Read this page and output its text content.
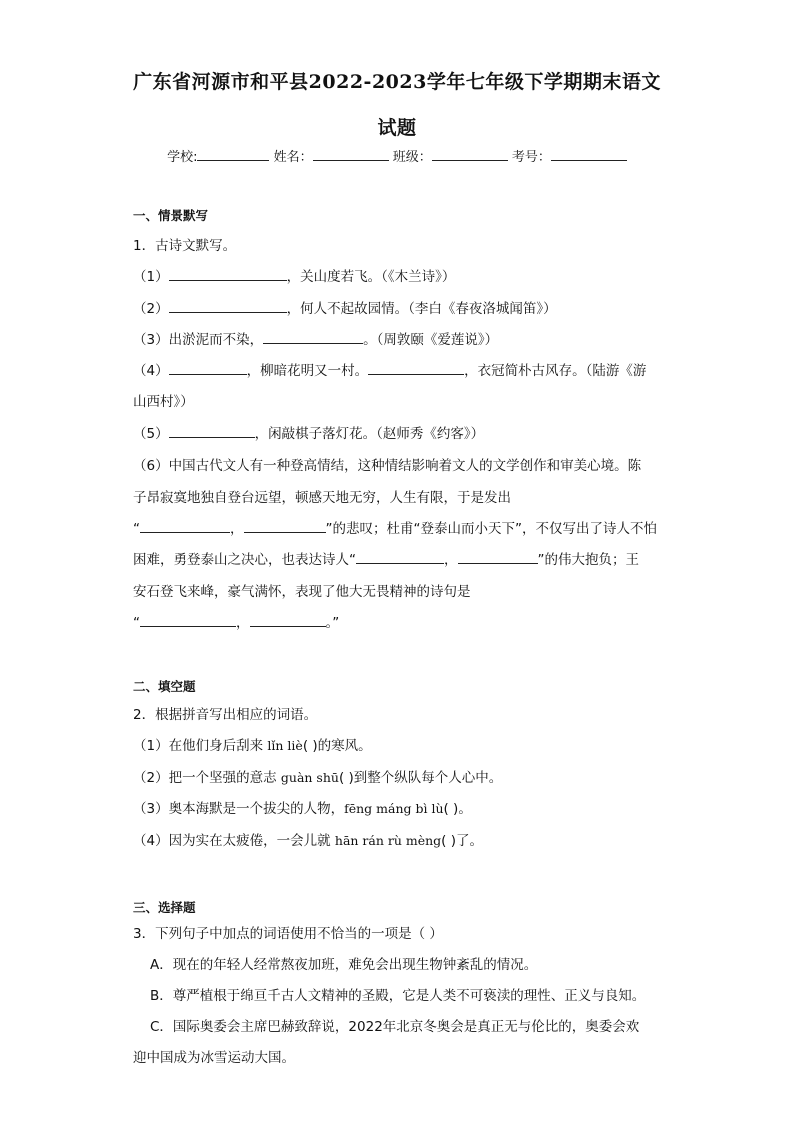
广东省河源市和平县2022-2023学年七年级下学期期末语文
试题
学校:	姓名：	班级：	考号：
一、情景默写
1．古诗文默写。
（1）	，关山度若飞。（《木兰诗》）
（2）	，何人不起故园情。（李白《春夜洛城闻笛》）
（3）出淤泥而不染，	。（周敦颐《爱莲说》）
（4）	，柳暗花明又一村。	，衣冠简朴古风存。（陆游《游
山西村》）
（5）	，闲敲棋子落灯花。（赵师秀《约客》）
（6）中国古代文人有一种登高情结，这种情结影响着文人的文学创作和审美心境。陈
子昂寂寞地独自登台远望，顿感天地无穷，人生有限，于是发出
“	，	”的悲叹；杜甫“登泰山而小天下”，不仅写出了诗人不怕
困难，勇登泰山之决心，也表达诗人“	，	”的伟大抱负；王
安石登飞来峰，豪气满怀，表现了他大无畏精神的诗句是
“	，	。”
二、填空题
2．根据拼音写出相应的词语。
（1）在他们身后刮来 lǐn liè( )的寒风。
（2）把一个坚强的意志 guàn shū( )到整个纵队每个人心中。
（3）奥本海默是一个拔尖的人物，fēng máng bì lù( )。
（4）因为实在太疲倦，一会儿就 hān rán rù mèng( )了。
三、选择题
3．下列句子中加点的词语使用不恰当的一项是（ ）
A．现在的年轻人经常熬夜加班，难免会出现生物钟紊乱的情况。
B．尊严植根于绵亘千古人文精神的圣殿，它是人类不可亵渎的理性、正义与良知。
C．国际奥委会主席巴赫致辞说，2022年北京冬奥会是真正无与伦比的，奥委会欢
迎中国成为冰雪运动大国。
